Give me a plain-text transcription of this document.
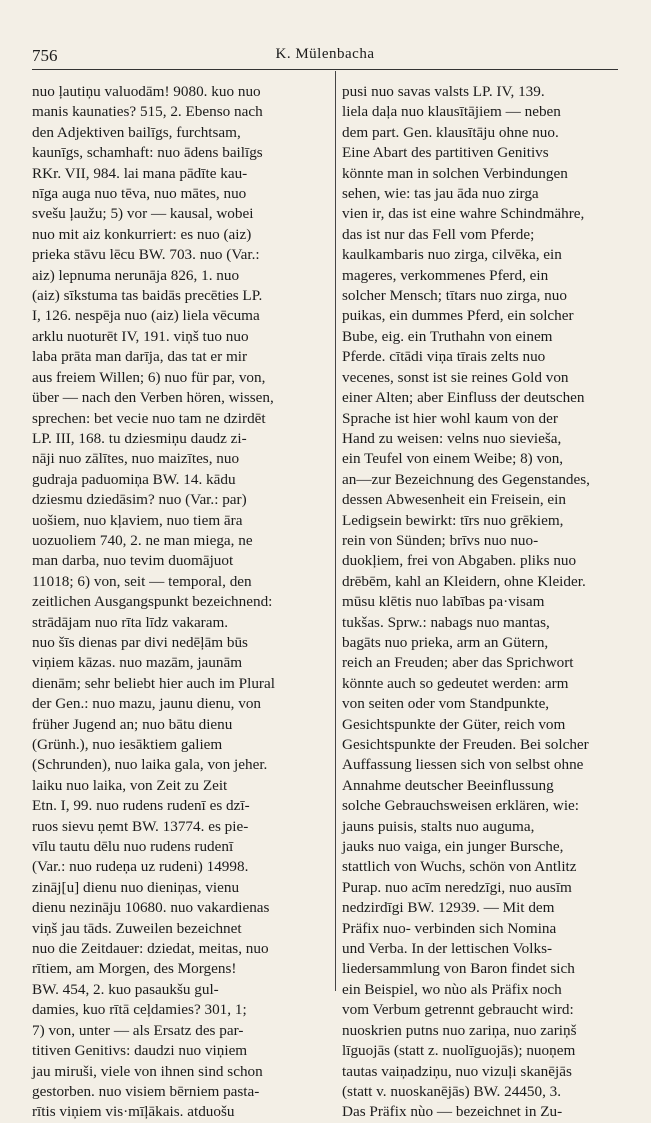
756	K. Mülenbacha
nuo ļautiņu valuodām! 9080. kuo nuo
manis kaunaties? 515, 2. Ebenso nach
den Adjektiven bailīgs, furchtsam,
kaunīgs, schamhaft: nuo ādens bailīgs
RKr. VII, 984. lai mana pādīte kau-
nīga auga nuo tēva, nuo mātes, nuo
svešu ļaužu; 5) vor — kausal, wobei
nuo mit aiz konkurriert: es nuo (aiz)
prieka stāvu lēcu BW. 703. nuo (Var.:
aiz) lepnuma nerunāja 826, 1. nuo
(aiz) sīkstuma tas baidās precēties LP.
I, 126. nespēja nuo (aiz) liela vēcuma
arklu nuoturēt IV, 191. viņš tuo nuo
laba prāta man darīja, das tat er mir
aus freiem Willen; 6) nuo für par, von,
über — nach den Verben hören, wissen,
sprechen: bet vecie nuo tam ne dzirdēt
LP. III, 168. tu dziesmiņu daudz zi-
nāji nuo zālītes, nuo maizītes, nuo
gudraja paduomiņa BW. 14. kādu
dziesmu dziedāsim? nuo (Var.: par)
uošiem, nuo kļaviem, nuo tiem āra
uozuoliem 740, 2. ne man miega, ne
man darba, nuo tevim duomājuot
11018; 6) von, seit — temporal, den
zeitlichen Ausgangspunkt bezeichnend:
strādājam nuo rīta līdz vakaram.
nuo šīs dienas par divi nedēļām būs
viņiem kāzas. nuo mazām, jaunām
dienām; sehr beliebt hier auch im Plural
der Gen.: nuo mazu, jaunu dienu, von
früher Jugend an; nuo bātu dienu
(Grünh.), nuo iesāktiem galiem
(Schrunden), nuo laika gala, von jeher.
laiku nuo laika, von Zeit zu Zeit
Etn. I, 99. nuo rudens rudenī es dzī-
ruos sievu ņemt BW. 13774. es pie-
vīlu tautu dēlu nuo rudens rudenī
(Var.: nuo rudeņa uz rudeni) 14998.
zināj[u] dienu nuo dieniņas, vienu
dienu nezināju 10680. nuo vakardienas
viņš jau tāds. Zuweilen bezeichnet
nuo die Zeitdauer: dziedat, meitas, nuo
rītiem, am Morgen, des Morgens!
BW. 454, 2. kuo pasaukšu gul-
damies, kuo rītā ceļdamies? 301, 1;
7) von, unter — als Ersatz des par-
titiven Genitivs: daudzi nuo viņiem
jau miruši, viele von ihnen sind schon
gestorben. nuo visiem bērniem pasta-
rītis viņiem vis·mīļākais. atduošu
pusi nuo savas valsts LP. IV, 139.
liela daļa nuo klausītājiem — neben
dem part. Gen. klausītāju ohne nuo.
Eine Abart des partitiven Genitivs
könnte man in solchen Verbindungen
sehen, wie: tas jau āda nuo zirga
vien ir, das ist eine wahre Schindmähre,
das ist nur das Fell vom Pferde;
kaulkambaris nuo zirga, cilvēka, ein
mageres, verkommenes Pferd, ein
solcher Mensch; tītars nuo zirga, nuo
puikas, ein dummes Pferd, ein solcher
Bube, eig. ein Truthahn von einem
Pferde. cītādi viņa tīrais zelts nuo
vecenes, sonst ist sie reines Gold von
einer Alten; aber Einfluss der deutschen
Sprache ist hier wohl kaum von der
Hand zu weisen: velns nuo sieviešа,
ein Teufel von einem Weibe; 8) von,
an—zur Bezeichnung des Gegenstandes,
dessen Abwesenheit ein Freisein, ein
Ledigsein bewirkt: tīrs nuo grēkiem,
rein von Sünden; brīvs nuo nuo-
duokļiem, frei von Abgaben. pliks nuo
drēbēm, kahl an Kleidern, ohne Kleider.
mūsu klētis nuo labības pa·visam
tukšas. Sprw.: nabags nuo mantas,
bagāts nuo prieka, arm an Gütern,
reich an Freuden; aber das Sprichwort
könnte auch so gedeutet werden: arm
von seiten oder vom Standpunkte,
Gesichtspunkte der Güter, reich vom
Gesichtspunkte der Freuden. Bei solcher
Auffassung liessen sich von selbst ohne
Annahme deutscher Beeinflussung
solche Gebrauchsweisen erklären, wie:
jauns puisis, stalts nuo auguma,
jauks nuo vaiga, ein junger Bursche,
stattlich von Wuchs, schön von Antlitz
Purap. nuo acīm neredzīgi, nuo ausīm
nedzirdīgi BW. 12939. — Mit dem
Präfix nuo- verbinden sich Nomina
und Verba. In der lettischen Volks-
liedersammlung von Baron findet sich
ein Beispiel, wo nùo als Präfix noch
vom Verbum getrennt gebraucht wird:
nuoskrien putns nuo zariņa, nuo zariņš
līguojās (statt z. nuolīguojās); nuoņem
tautas vaiņadziņu, nuo vizuļi skanējās
(statt v. nuoskanējās) BW. 24450, 3.
Das Präfix nùo — bezeichnet in Zu-
